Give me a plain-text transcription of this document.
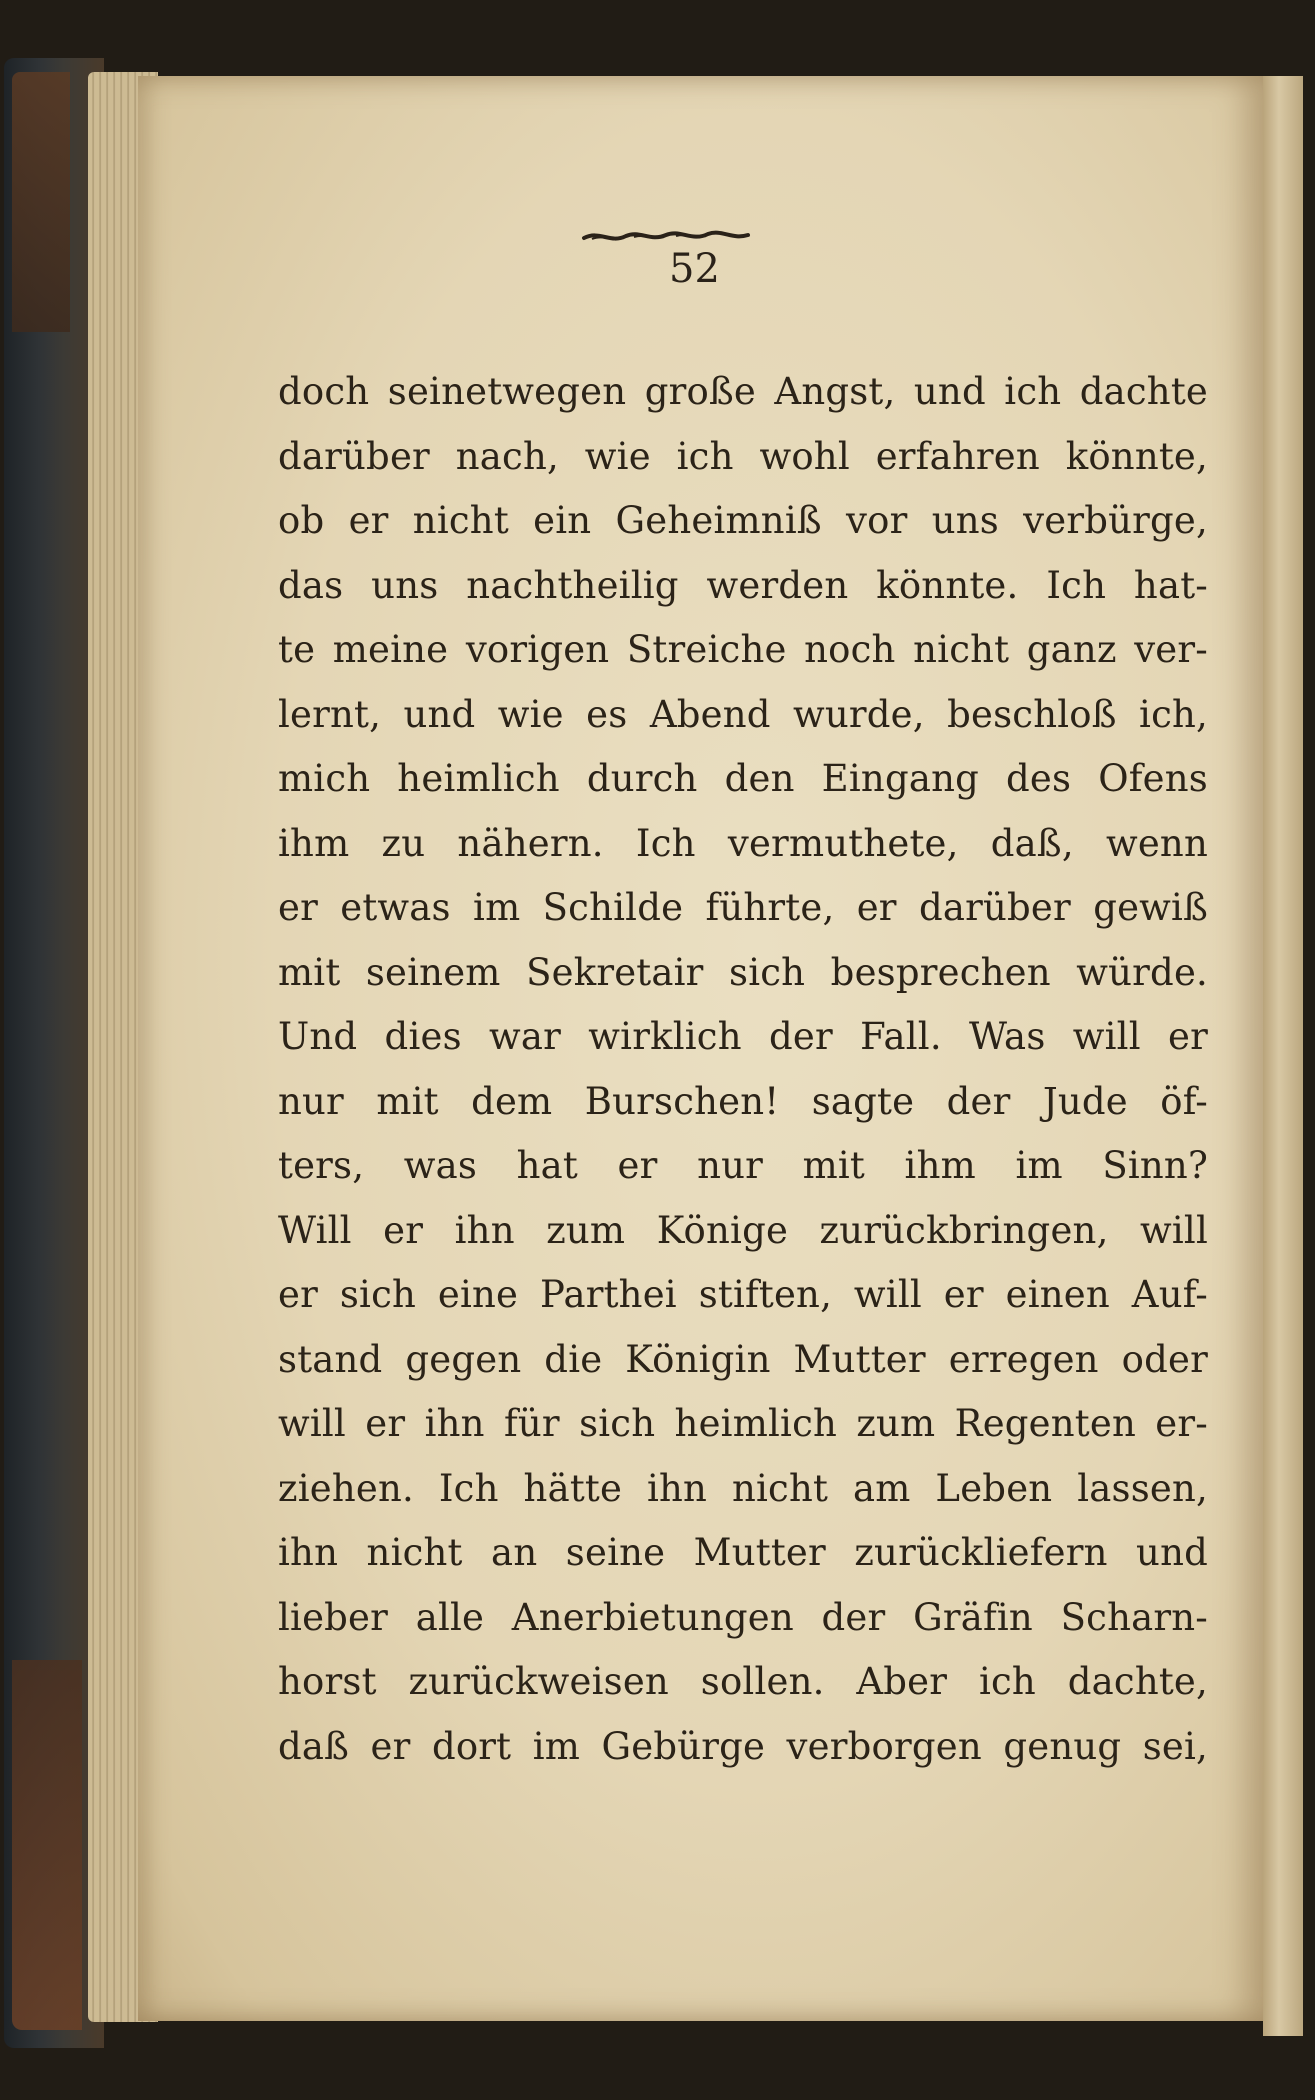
52
doch seinetwegen große Angst, und ich dachte
darüber nach, wie ich wohl erfahren könnte,
ob er nicht ein Geheimniß vor uns verbürge,
das uns nachtheilig werden könnte. Ich hat-
te meine vorigen Streiche noch nicht ganz ver-
lernt, und wie es Abend wurde, beschloß ich,
mich heimlich durch den Eingang des Ofens
ihm zu nähern. Ich vermuthete, daß, wenn
er etwas im Schilde führte, er darüber gewiß
mit seinem Sekretair sich besprechen würde.
Und dies war wirklich der Fall. Was will er
nur mit dem Burschen! sagte der Jude öf-
ters, was hat er nur mit ihm im Sinn?
Will er ihn zum Könige zurückbringen, will
er sich eine Parthei stiften, will er einen Auf-
stand gegen die Königin Mutter erregen oder
will er ihn für sich heimlich zum Regenten er-
ziehen. Ich hätte ihn nicht am Leben lassen,
ihn nicht an seine Mutter zurückliefern und
lieber alle Anerbietungen der Gräfin Scharn-
horst zurückweisen sollen. Aber ich dachte,
daß er dort im Gebürge verborgen genug sei,
